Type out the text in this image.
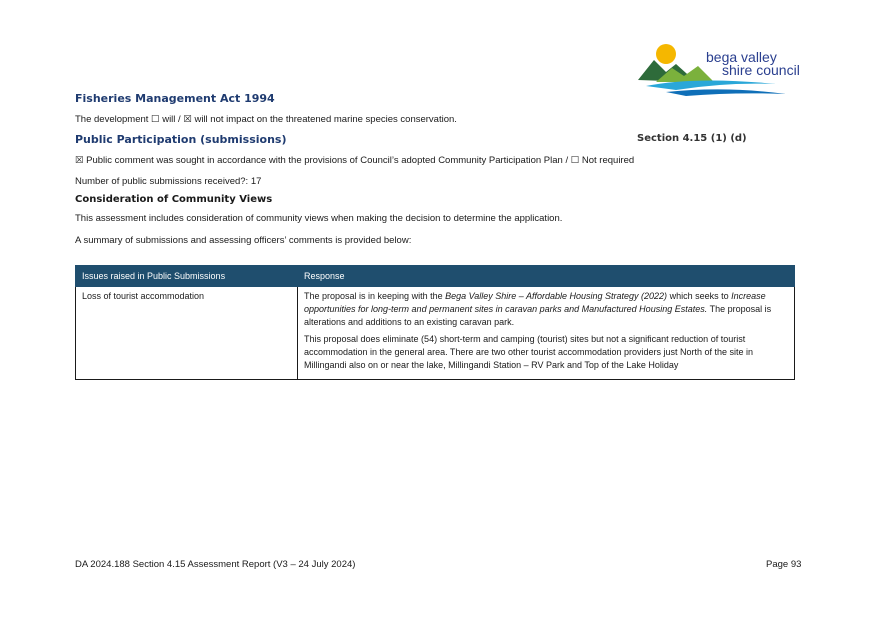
bega valley
shire council
Fisheries Management Act 1994
The development ☐ will / ☒ will not impact on the threatened marine species conservation.
Public Participation (submissions)	Section 4.15 (1) (d)
☒ Public comment was sought in accordance with the provisions of Council’s adopted Community Participation Plan / ☐ Not required
Number of public submissions received?: 17
Consideration of Community Views
This assessment includes consideration of community views when making the decision to determine the application.
A summary of submissions and assessing officers’ comments is provided below:
Issues raised in Public Submissions	Response
Loss of tourist accommodation	The proposal is in keeping with the Bega Valley Shire – Affordable Housing Strategy (2022) which seeks to Increase opportunities for long-term and permanent sites in caravan parks and Manufactured Housing Estates. The proposal is alterations and additions to an existing caravan park.

This proposal does eliminate (54) short-term and camping (tourist) sites but not a significant reduction of tourist accommodation in the general area. There are two other tourist accommodation providers just North of the site in Millingandi also on or near the lake, Millingandi Station – RV Park and Top of the Lake Holiday

DA 2024.188 Section 4.15 Assessment Report (V3 – 24 July 2024)	Page 93
